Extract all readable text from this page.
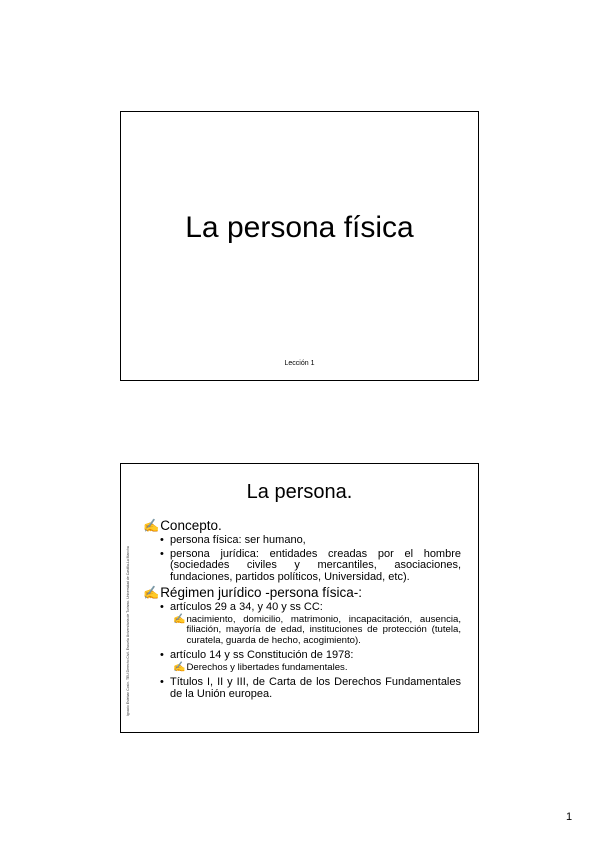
La persona física
Lección 1
Ignacio Esteban Cosín. TEU Derecho Civil. Escuela Universitaria de Turismo. Universidad de Castilla-La Mancha
La persona.
✍ Concepto.
• persona física: ser humano,
• persona jurídica: entidades creadas por el hombre (sociedades civiles y mercantiles, asociaciones, fundaciones, partidos políticos, Universidad, etc).
✍ Régimen jurídico -persona física-:
• artículos 29 a 34, y 40 y ss CC:
✍ nacimiento, domicilio, matrimonio, incapacitación, ausencia, filiación, mayoría de edad, instituciones de protección (tutela, curatela, guarda de hecho, acogimiento).
• artículo 14 y ss Constitución de 1978:
✍ Derechos y libertades fundamentales.
• Títulos I, II y III, de Carta de los Derechos Fundamentales de la Unión europea.
1
